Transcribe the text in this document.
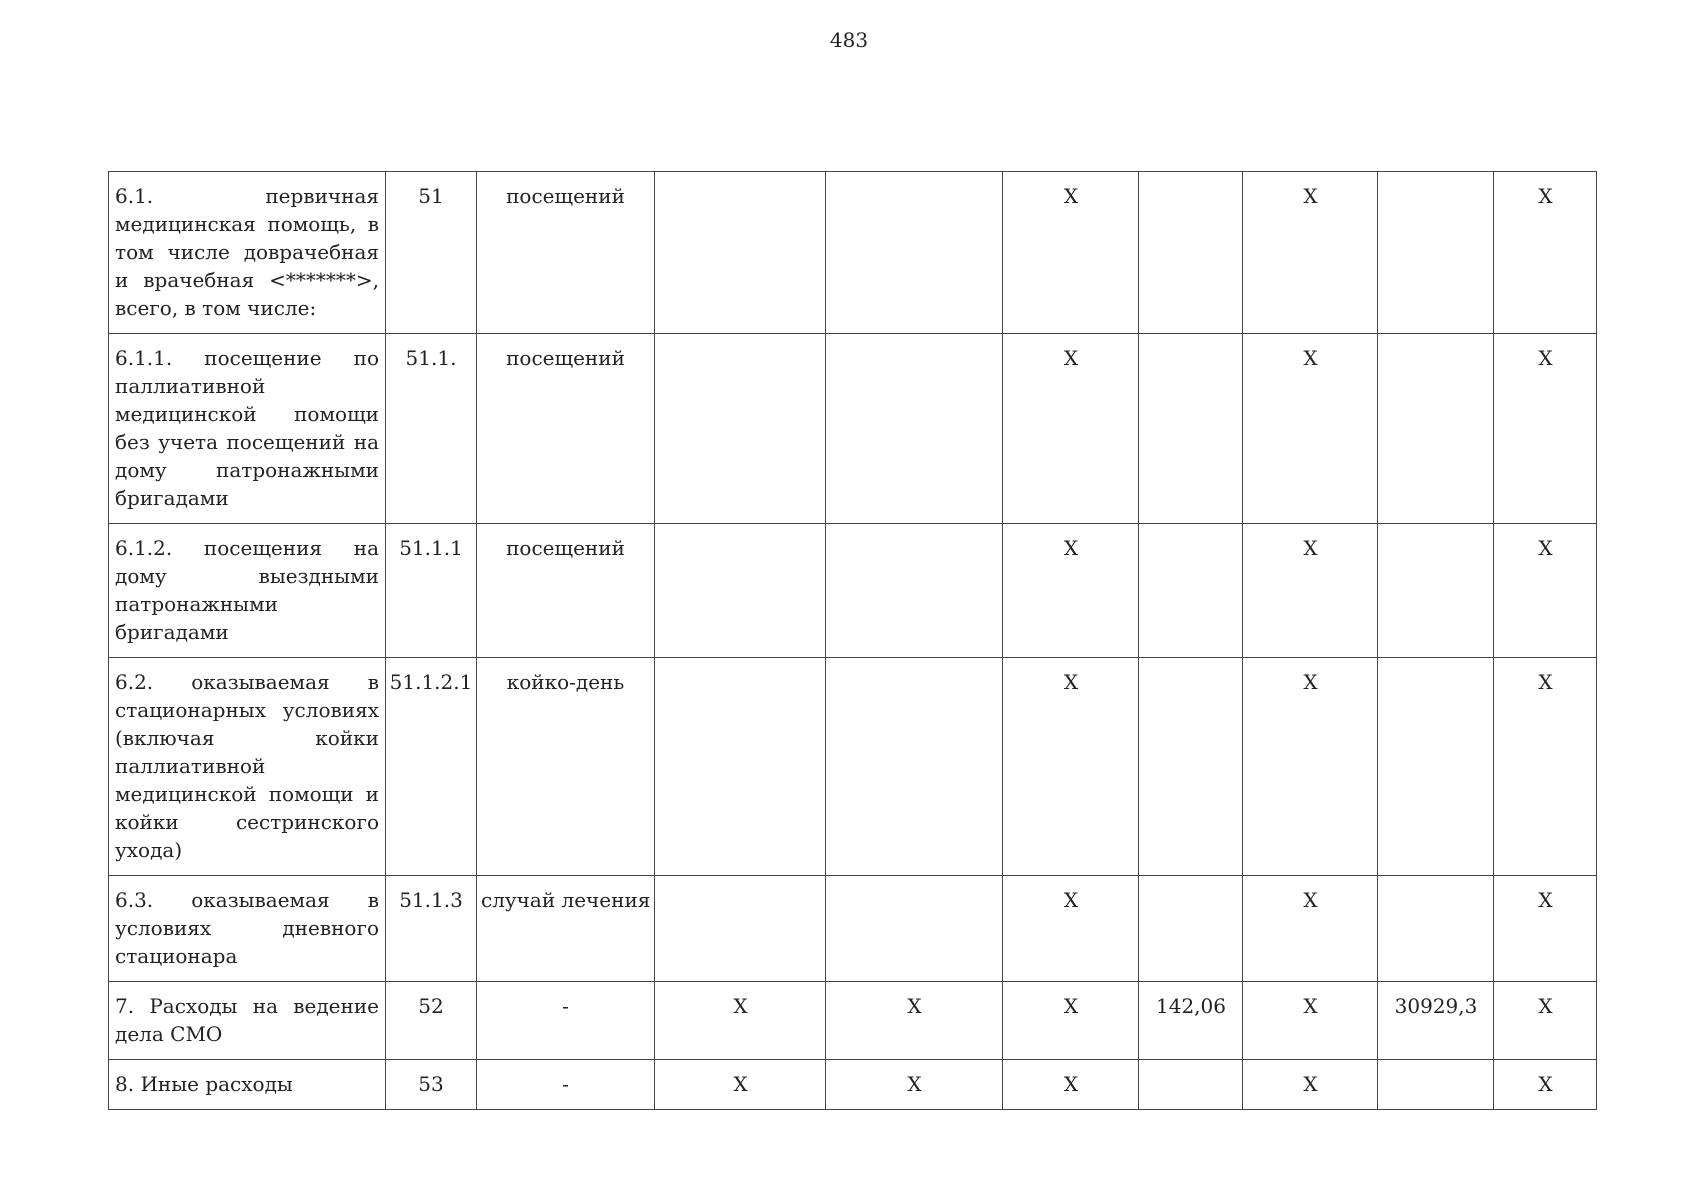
483
6.1. первичная медицинская помощь, в том числе доврачебная и врачебная <*******>, всего, в том числе:	51	посещений			X		X		X
6.1.1. посещение по паллиативной медицинской помощи без учета посещений на дому патронажными бригадами	51.1.	посещений			X		X		X
6.1.2. посещения на дому выездными патронажными бригадами	51.1.1	посещений			X		X		X
6.2. оказываемая в стационарных условиях (включая койки паллиативной медицинской помощи и койки сестринского ухода)	51.1.2.1	койко-день			X		X		X
6.3. оказываемая в условиях дневного стационара	51.1.3	случай лечения			X		X		X
7. Расходы на ведение дела СМО	52	-	X	X	X	142,06	X	30929,3	X
8. Иные расходы	53	-	X	X	X		X		X
